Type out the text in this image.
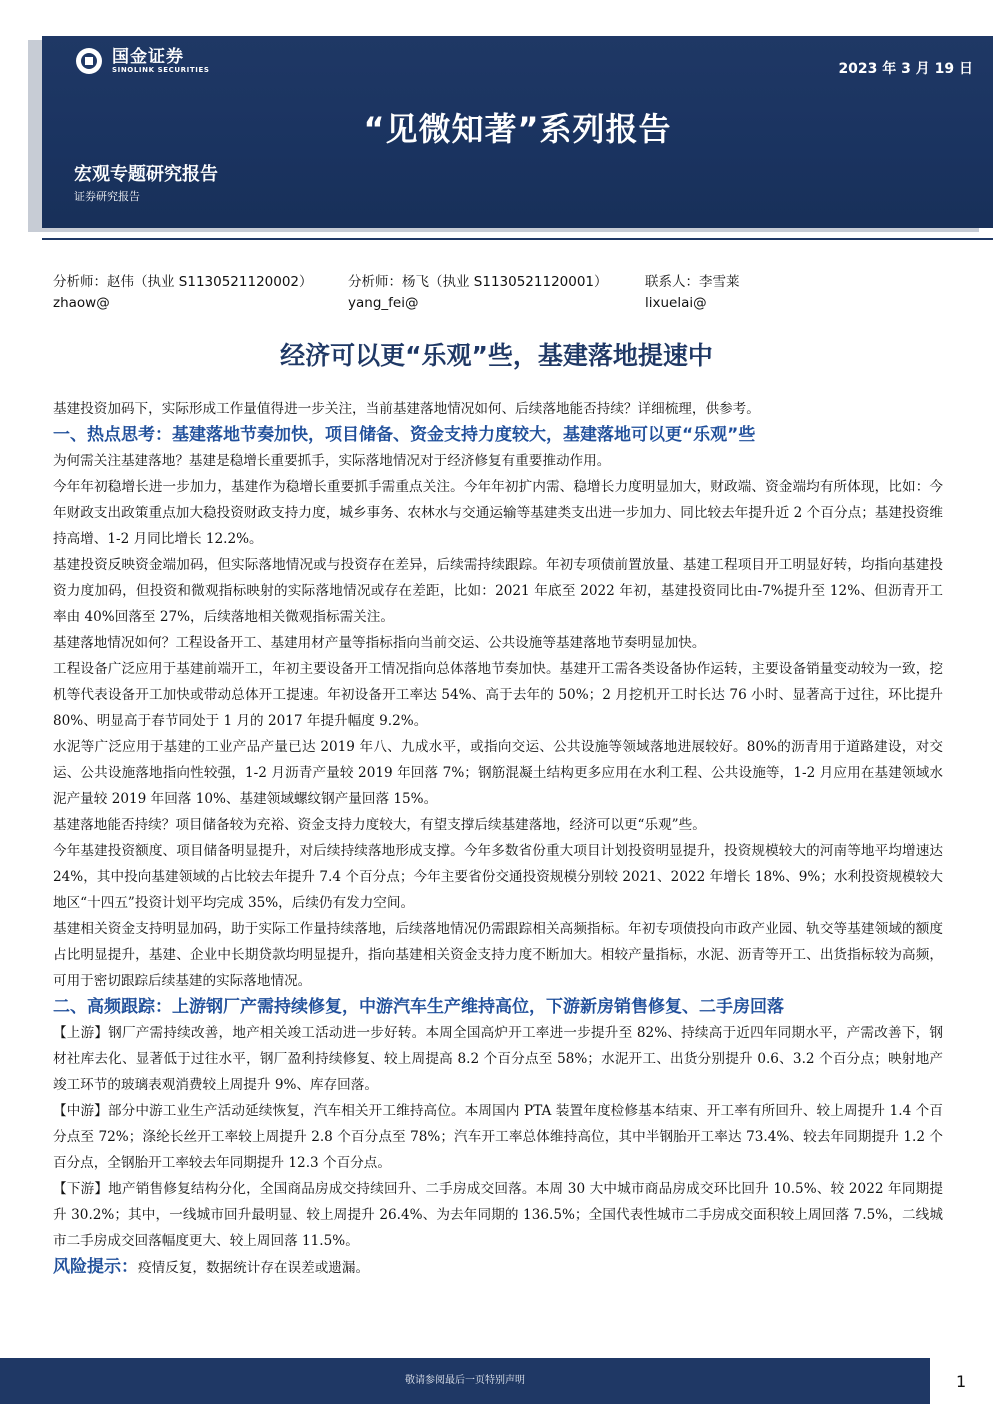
国金证券
SINOLINK SECURITIES	2023 年 3 月 19 日
“见微知著”系列报告
宏观专题研究报告
证券研究报告
分析师：赵伟（执业 S1130521120002）
zhaow@
分析师：杨飞（执业 S1130521120001）
yang_fei@
联系人：李雪莱
lixuelai@
经济可以更“乐观”些，基建落地提速中

基建投资加码下，实际形成工作量值得进一步关注，当前基建落地情况如何、后续落地能否持续？详细梳理，供参考。

一、热点思考：基建落地节奏加快，项目储备、资金支持力度较大，基建落地可以更“乐观”些

为何需关注基建落地？基建是稳增长重要抓手，实际落地情况对于经济修复有重要推动作用。

今年年初稳增长进一步加力，基建作为稳增长重要抓手需重点关注。今年年初扩内需、稳增长力度明显加大，财政端、资金端均有所体现，比如：今年财政支出政策重点加大稳投资财政支持力度，城乡事务、农林水与交通运输等基建类支出进一步加力、同比较去年提升近 2 个百分点；基建投资维持高增、1-2 月同比增长 12.2%。

基建投资反映资金端加码，但实际落地情况或与投资存在差异，后续需持续跟踪。年初专项债前置放量、基建工程项目开工明显好转，均指向基建投资力度加码，但投资和微观指标映射的实际落地情况或存在差距，比如：2021 年底至 2022 年初，基建投资同比由-7%提升至 12%、但沥青开工率由 40%回落至 27%，后续落地相关微观指标需关注。

基建落地情况如何？工程设备开工、基建用材产量等指标指向当前交运、公共设施等基建落地节奏明显加快。

工程设备广泛应用于基建前端开工，年初主要设备开工情况指向总体落地节奏加快。基建开工需各类设备协作运转，主要设备销量变动较为一致，挖机等代表设备开工加快或带动总体开工提速。年初设备开工率达 54%、高于去年的 50%；2 月挖机开工时长达 76 小时、显著高于过往，环比提升 80%、明显高于春节同处于 1 月的 2017 年提升幅度 9.2%。

水泥等广泛应用于基建的工业产品产量已达 2019 年八、九成水平，或指向交运、公共设施等领域落地进展较好。80%的沥青用于道路建设，对交运、公共设施落地指向性较强，1-2 月沥青产量较 2019 年回落 7%；钢筋混凝土结构更多应用在水利工程、公共设施等，1-2 月应用在基建领域水泥产量较 2019 年回落 10%、基建领域螺纹钢产量回落 15%。

基建落地能否持续？项目储备较为充裕、资金支持力度较大，有望支撑后续基建落地，经济可以更“乐观”些。

今年基建投资额度、项目储备明显提升，对后续持续落地形成支撑。今年多数省份重大项目计划投资明显提升，投资规模较大的河南等地平均增速达 24%，其中投向基建领域的占比较去年提升 7.4 个百分点；今年主要省份交通投资规模分别较 2021、2022 年增长 18%、9%；水利投资规模较大地区“十四五”投资计划平均完成 35%，后续仍有发力空间。

基建相关资金支持明显加码，助于实际工作量持续落地，后续落地情况仍需跟踪相关高频指标。年初专项债投向市政产业园、轨交等基建领域的额度占比明显提升，基建、企业中长期贷款均明显提升，指向基建相关资金支持力度不断加大。相较产量指标，水泥、沥青等开工、出货指标较为高频，可用于密切跟踪后续基建的实际落地情况。

二、高频跟踪：上游钢厂产需持续修复，中游汽车生产维持高位，下游新房销售修复、二手房回落

【上游】钢厂产需持续改善，地产相关竣工活动进一步好转。本周全国高炉开工率进一步提升至 82%、持续高于近四年同期水平，产需改善下，钢材社库去化、显著低于过往水平，钢厂盈利持续修复、较上周提高 8.2 个百分点至 58%；水泥开工、出货分别提升 0.6、3.2 个百分点；映射地产竣工环节的玻璃表观消费较上周提升 9%、库存回落。

【中游】部分中游工业生产活动延续恢复，汽车相关开工维持高位。本周国内 PTA 装置年度检修基本结束、开工率有所回升、较上周提升 1.4 个百分点至 72%；涤纶长丝开工率较上周提升 2.8 个百分点至 78%；汽车开工率总体维持高位，其中半钢胎开工率达 73.4%、较去年同期提升 1.2 个百分点，全钢胎开工率较去年同期提升 12.3 个百分点。

【下游】地产销售修复结构分化，全国商品房成交持续回升、二手房成交回落。本周 30 大中城市商品房成交环比回升 10.5%、较 2022 年同期提升 30.2%；其中，一线城市回升最明显、较上周提升 26.4%、为去年同期的 136.5%；全国代表性城市二手房成交面积较上周回落 7.5%，二线城市二手房成交回落幅度更大、较上周回落 11.5%。

风险提示：疫情反复，数据统计存在误差或遗漏。

敬请参阅最后一页特别声明	1
